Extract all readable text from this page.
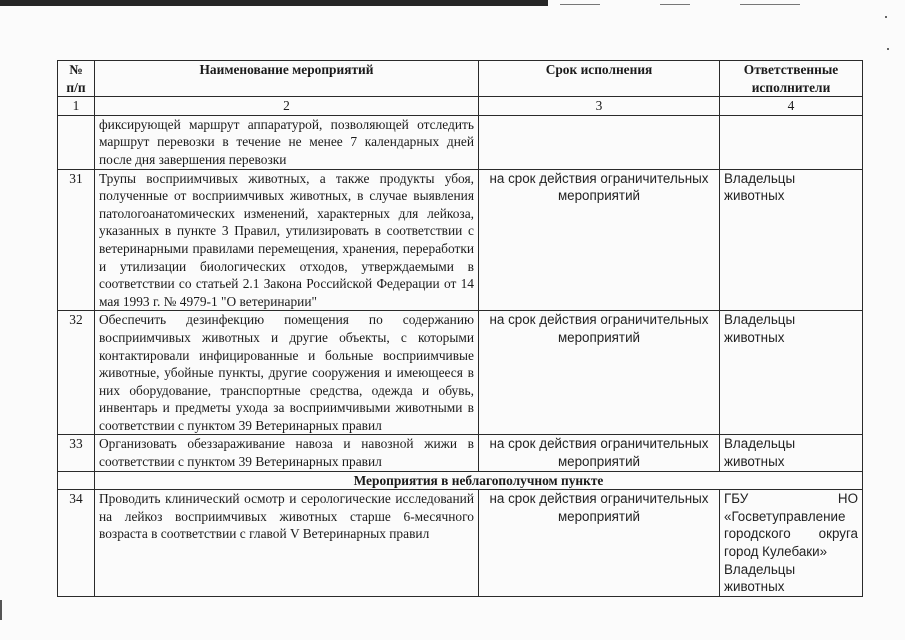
№ п/п	Наименование мероприятий	Срок исполнения	Ответственные исполнители
1	2	3	4
	фиксирующей маршрут аппаратурой, позволяющей отследить маршрут перевозки в течение не менее 7 календарных дней после дня завершения перевозки		
31	Трупы восприимчивых животных, а также продукты убоя, полученные от восприимчивых животных, в случае выявления патологоанатомических изменений, характерных для лейкоза, указанных в пункте 3 Правил, утилизировать в соответствии с ветеринарными правилами перемещения, хранения, переработки и утилизации биологических отходов, утверждаемыми в соответствии со статьей 2.1 Закона Российской Федерации от 14 мая 1993 г. № 4979-1 "О ветеринарии"	на срок действия ограничительных мероприятий	Владельцы животных
32	Обеспечить дезинфекцию помещения по содержанию восприимчивых животных и другие объекты, с которыми контактировали инфицированные и больные восприимчивые животные, убойные пункты, другие сооружения и имеющееся в них оборудование, транспортные средства, одежда и обувь, инвентарь и предметы ухода за восприимчивыми животными в соответствии с пунктом 39 Ветеринарных правил	на срок действия ограничительных мероприятий	Владельцы животных
33	Организовать обеззараживание навоза и навозной жижи в соответствии с пунктом 39 Ветеринарных правил	на срок действия ограничительных мероприятий	Владельцы животных
	Мероприятия в неблагополучном пункте		
34	Проводить клинический осмотр и серологические исследований на лейкоз восприимчивых животных старше 6-месячного возраста в соответствии с главой V Ветеринарных правил	на срок действия ограничительных мероприятий	ГБУ НО «Госветуправление городского округа город Кулебаки»
Владельцы животных
